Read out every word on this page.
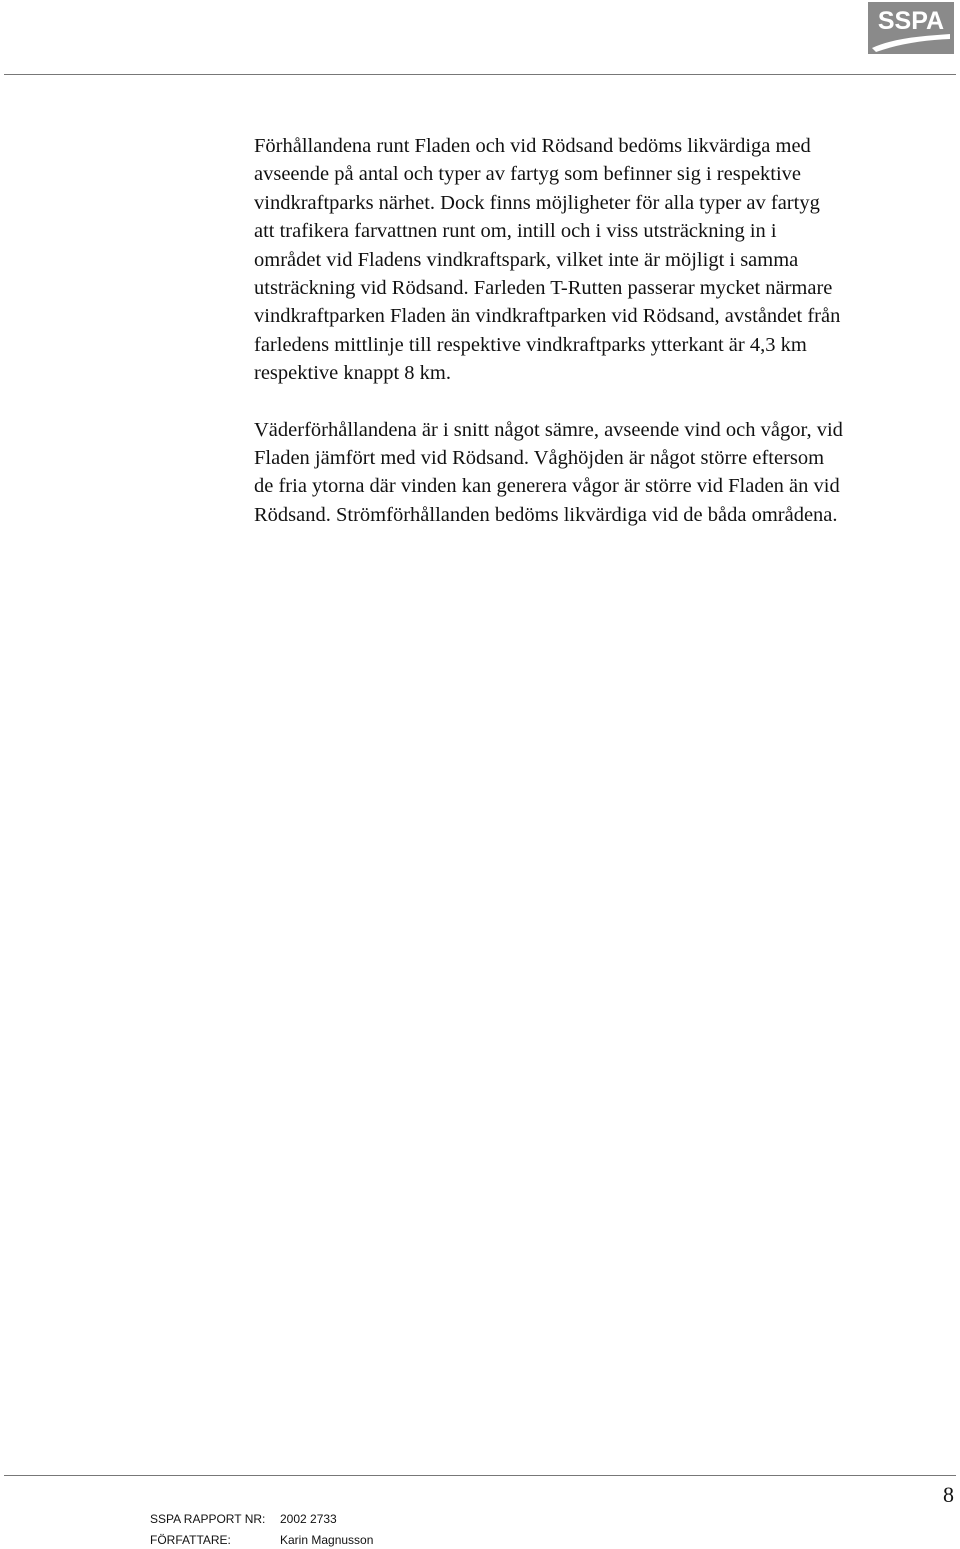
SSPA

Förhållandena runt Fladen och vid Rödsand bedöms likvärdiga med
avseende på antal och typer av fartyg som befinner sig i respektive
vindkraftparks närhet. Dock finns möjligheter för alla typer av fartyg
att trafikera farvattnen runt om, intill och i viss utsträckning in i
området vid Fladens vindkraftspark, vilket inte är möjligt i samma
utsträckning vid Rödsand. Farleden T-Rutten passerar mycket närmare
vindkraftparken Fladen än vindkraftparken vid Rödsand, avståndet från
farledens mittlinje till respektive vindkraftparks ytterkant är 4,3 km
respektive knappt 8 km.

Väderförhållandena är i snitt något sämre, avseende vind och vågor, vid
Fladen jämfört med vid Rödsand. Våghöjden är något större eftersom
de fria ytorna där vinden kan generera vågor är större vid Fladen än vid
Rödsand. Strömförhållanden bedöms likvärdiga vid de båda områdena.

8
SSPA RAPPORT NR: 2002 2733
FÖRFATTARE:	Karin Magnusson
